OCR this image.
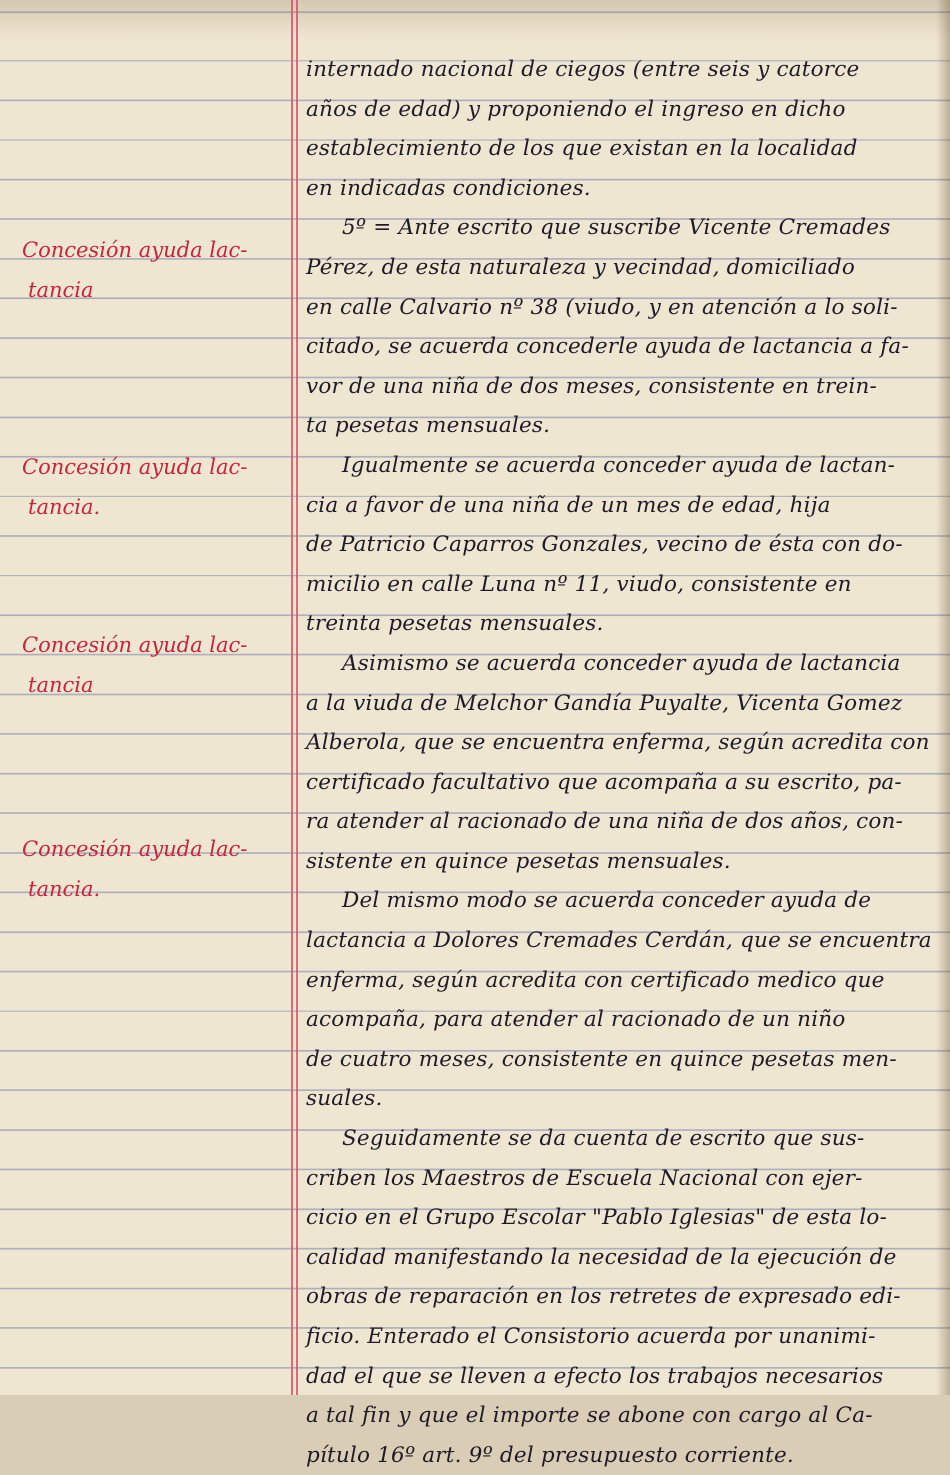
Concesión ayuda lac-
tancia
Concesión ayuda lac-
tancia.
Concesión ayuda lac-
tancia
Concesión ayuda lac-
tancia.
internado nacional de ciegos (entre seis y catorce
años de edad) y proponiendo el ingreso en dicho
establecimiento de los que existan en la localidad
en indicadas condiciones.
5º = Ante escrito que suscribe Vicente Cremades
Pérez, de esta naturaleza y vecindad, domiciliado
en calle Calvario nº 38 (viudo, y en atención a lo soli-
citado, se acuerda concederle ayuda de lactancia a fa-
vor de una niña de dos meses, consistente en trein-
ta pesetas mensuales.
Igualmente se acuerda conceder ayuda de lactan-
cia a favor de una niña de un mes de edad, hija
de Patricio Caparros Gonzales, vecino de ésta con do-
micilio en calle Luna nº 11, viudo, consistente en
treinta pesetas mensuales.
Asimismo se acuerda conceder ayuda de lactancia
a la viuda de Melchor Gandía Puyalte, Vicenta Gomez
Alberola, que se encuentra enferma, según acredita con
certificado facultativo que acompaña a su escrito, pa-
ra atender al racionado de una niña de dos años, con-
sistente en quince pesetas mensuales.
Del mismo modo se acuerda conceder ayuda de
lactancia a Dolores Cremades Cerdán, que se encuentra
enferma, según acredita con certificado medico que
acompaña, para atender al racionado de un niño
de cuatro meses, consistente en quince pesetas men-
suales.
Seguidamente se da cuenta de escrito que sus-
criben los Maestros de Escuela Nacional con ejer-
cicio en el Grupo Escolar "Pablo Iglesias" de esta lo-
calidad manifestando la necesidad de la ejecución de
obras de reparación en los retretes de expresado edi-
ficio. Enterado el Consistorio acuerda por unanimi-
dad el que se lleven a efecto los trabajos necesarios
a tal fin y que el importe se abone con cargo al Ca-
pítulo 16º art. 9º del presupuesto corriente.
